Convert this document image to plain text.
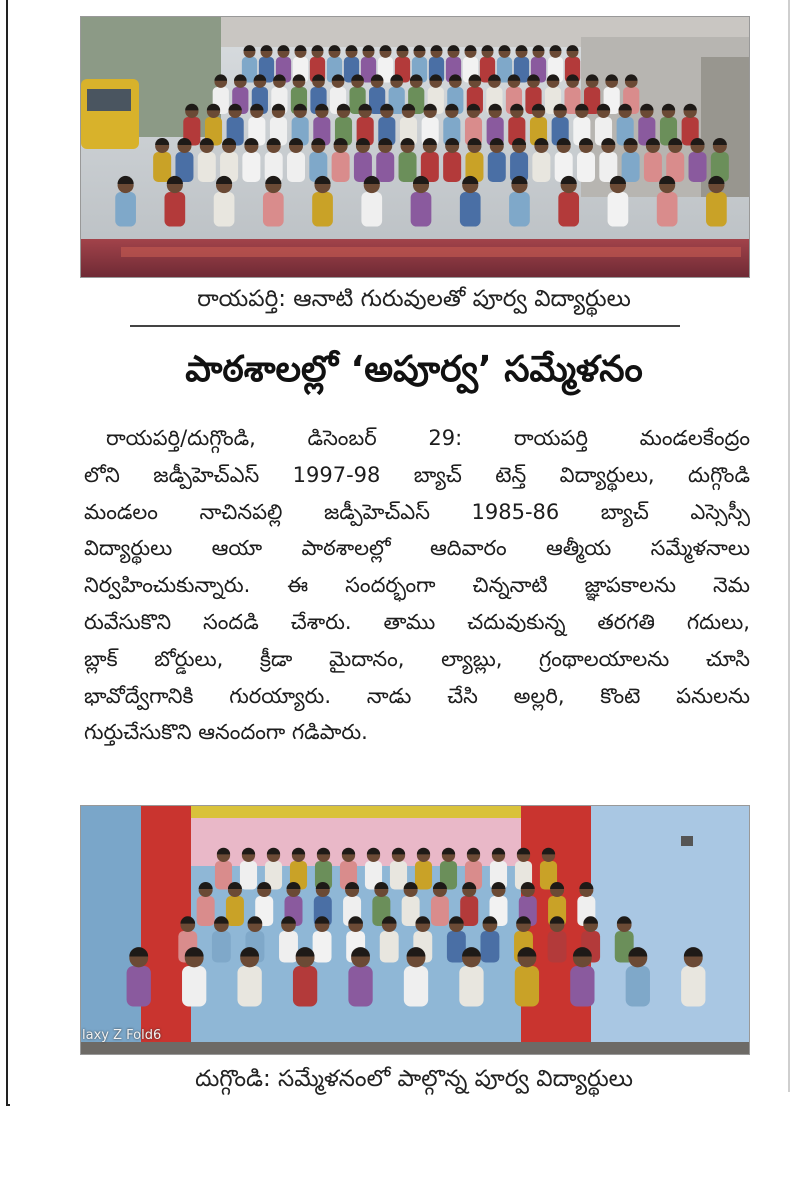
రాయపర్తి: ఆనాటి గురువులతో పూర్వ విద్యార్థులు
పాఠశాలల్లో ‘అపూర్వ’ సమ్మేళనం
రాయపర్తి/దుగ్గొండి, డిసెంబర్ 29: రాయపర్తి మండలకేంద్రం
లోని జడ్పీహెచ్ఎస్ 1997-98 బ్యాచ్ టెన్త్ విద్యార్థులు, దుగ్గొండి
మండలం నాచినపల్లి జడ్పీహెచ్ఎస్ 1985-86 బ్యాచ్ ఎస్సెస్సీ
విద్యార్థులు ఆయా పాఠశాలల్లో ఆదివారం ఆత్మీయ సమ్మేళనాలు
నిర్వహించుకున్నారు. ఈ సందర్భంగా చిన్ననాటి జ్ఞాపకాలను నెమ
రువేసుకొని సందడి చేశారు. తాము చదువుకున్న తరగతి గదులు,
బ్లాక్ బోర్డులు, క్రీడా మైదానం, ల్యాబ్లు, గ్రంథాలయాలను చూసి
భావోద్వేగానికి గురయ్యారు. నాడు చేసి అల్లరి, కొంటె పనులను
గుర్తుచేసుకొని ఆనందంగా గడిపారు.
laxy Z Fold6
దుగ్గొండి: సమ్మేళనంలో పాల్గొన్న పూర్వ విద్యార్థులు
